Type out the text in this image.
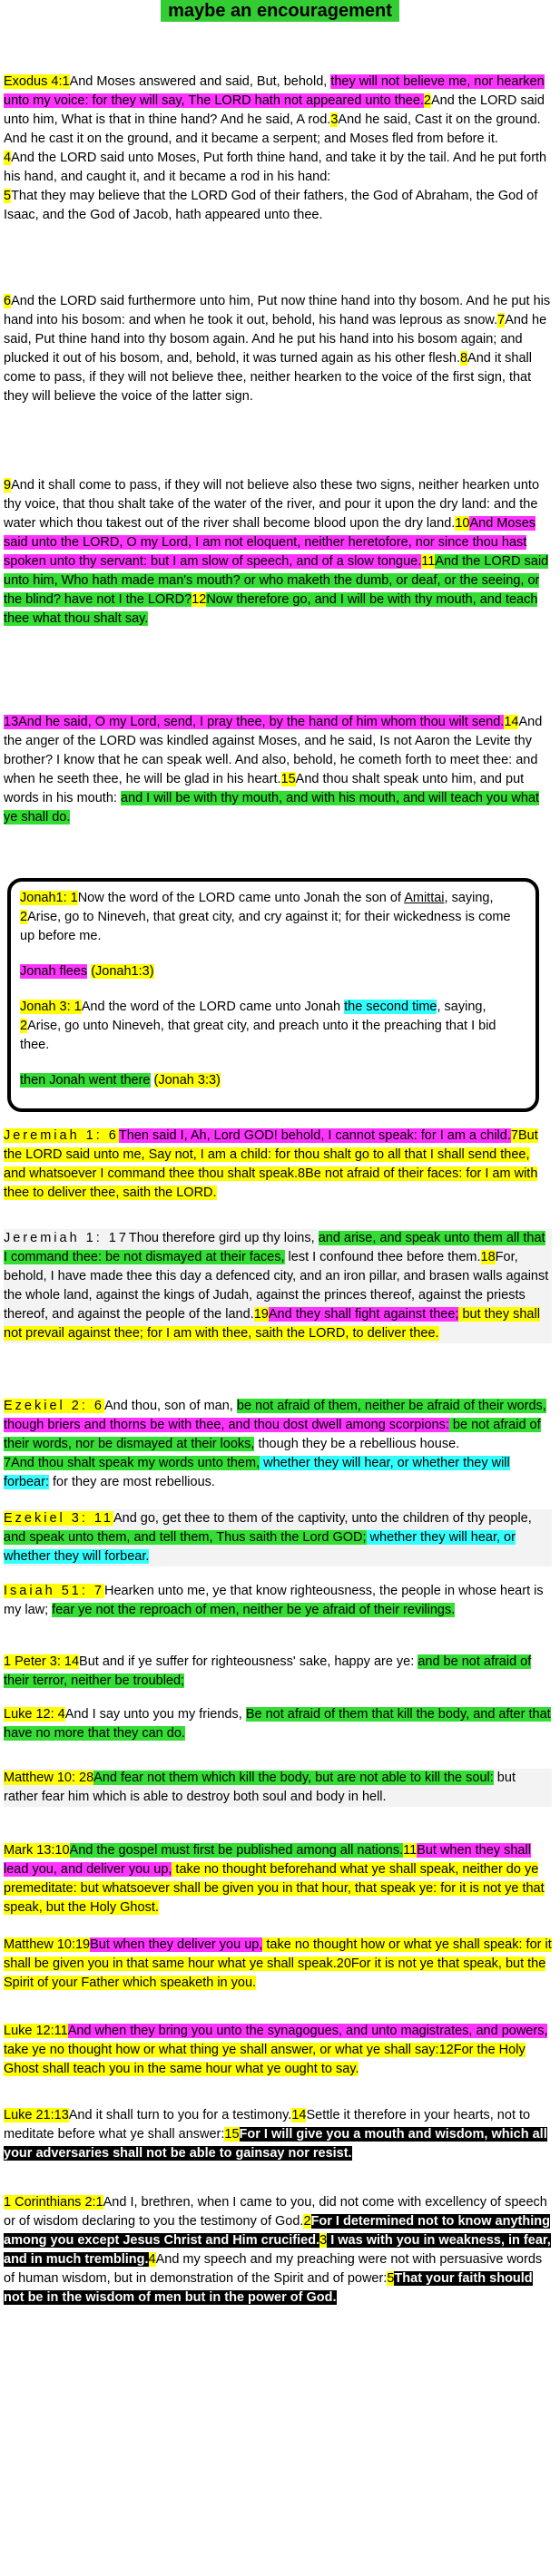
maybe an encouragement
Exodus 4:1And Moses answered and said, But, behold, they will not believe me, nor hearken unto my voice: for they will say, The LORD hath not appeared unto thee.2And the LORD said unto him, What is that in thine hand? And he said, A rod.3And he said, Cast it on the ground. And he cast it on the ground, and it became a serpent; and Moses fled from before it.
4And the LORD said unto Moses, Put forth thine hand, and take it by the tail. And he put forth his hand, and caught it, and it became a rod in his hand:
5That they may believe that the LORD God of their fathers, the God of Abraham, the God of Isaac, and the God of Jacob, hath appeared unto thee.
6And the LORD said furthermore unto him, Put now thine hand into thy bosom. And he put his hand into his bosom: and when he took it out, behold, his hand was leprous as snow.7And he said, Put thine hand into thy bosom again. And he put his hand into his bosom again; and plucked it out of his bosom, and, behold, it was turned again as his other flesh.8And it shall come to pass, if they will not believe thee, neither hearken to the voice of the first sign, that they will believe the voice of the latter sign.
9And it shall come to pass, if they will not believe also these two signs, neither hearken unto thy voice, that thou shalt take of the water of the river, and pour it upon the dry land: and the water which thou takest out of the river shall become blood upon the dry land.10And Moses said unto the LORD, O my Lord, I am not eloquent, neither heretofore, nor since thou hast spoken unto thy servant: but I am slow of speech, and of a slow tongue.11And the LORD said unto him, Who hath made man's mouth? or who maketh the dumb, or deaf, or the seeing, or the blind? have not I the LORD?12Now therefore go, and I will be with thy mouth, and teach thee what thou shalt say.
13And he said, O my Lord, send, I pray thee, by the hand of him whom thou wilt send.14And the anger of the LORD was kindled against Moses, and he said, Is not Aaron the Levite thy brother? I know that he can speak well. And also, behold, he cometh forth to meet thee: and when he seeth thee, he will be glad in his heart.15And thou shalt speak unto him, and put words in his mouth: and I will be with thy mouth, and with his mouth, and will teach you what ye shall do.

Jonah1: 1Now the word of the LORD came unto Jonah the son of Amittai, saying,
2Arise, go to Nineveh, that great city, and cry against it; for their wickedness is come up before me.

Jonah flees (Jonah1:3)

Jonah 3: 1And the word of the LORD came unto Jonah the second time, saying,
2Arise, go unto Nineveh, that great city, and preach unto it the preaching that I bid thee.

then Jonah went there (Jonah 3:3)

Jeremiah 1: 6Then said I, Ah, Lord GOD! behold, I cannot speak: for I am a child.7But the LORD said unto me, Say not, I am a child: for thou shalt go to all that I shall send thee, and whatsoever I command thee thou shalt speak.8Be not afraid of their faces: for I am with thee to deliver thee, saith the LORD.
Jeremiah 1: 17Thou therefore gird up thy loins, and arise, and speak unto them all that I command thee: be not dismayed at their faces, lest I confound thee before them.18For, behold, I have made thee this day a defenced city, and an iron pillar, and brasen walls against the whole land, against the kings of Judah, against the princes thereof, against the priests thereof, and against the people of the land.19And they shall fight against thee; but they shall not prevail against thee; for I am with thee, saith the LORD, to deliver thee.
Ezekiel 2: 6And thou, son of man, be not afraid of them, neither be afraid of their words, though briers and thorns be with thee, and thou dost dwell among scorpions: be not afraid of their words, nor be dismayed at their looks, though they be a rebellious house.
7And thou shalt speak my words unto them, whether they will hear, or whether they will forbear: for they are most rebellious.
Ezekiel 3: 11And go, get thee to them of the captivity, unto the children of thy people, and speak unto them, and tell them, Thus saith the Lord GOD; whether they will hear, or whether they will forbear.
Isaiah 51: 7Hearken unto me, ye that know righteousness, the people in whose heart is my law; fear ye not the reproach of men, neither be ye afraid of their revilings.
1 Peter 3: 14But and if ye suffer for righteousness' sake, happy are ye: and be not afraid of their terror, neither be troubled;
Luke 12: 4And I say unto you my friends, Be not afraid of them that kill the body, and after that have no more that they can do.
Matthew 10: 28And fear not them which kill the body, but are not able to kill the soul: but rather fear him which is able to destroy both soul and body in hell.
Mark 13:10And the gospel must first be published among all nations.11But when they shall lead you, and deliver you up, take no thought beforehand what ye shall speak, neither do ye premeditate: but whatsoever shall be given you in that hour, that speak ye: for it is not ye that speak, but the Holy Ghost.
Matthew 10:19But when they deliver you up, take no thought how or what ye shall speak: for it shall be given you in that same hour what ye shall speak.20For it is not ye that speak, but the Spirit of your Father which speaketh in you.
Luke 12:11And when they bring you unto the synagogues, and unto magistrates, and powers, take ye no thought how or what thing ye shall answer, or what ye shall say:12For the Holy Ghost shall teach you in the same hour what ye ought to say.
Luke 21:13And it shall turn to you for a testimony.14Settle it therefore in your hearts, not to meditate before what ye shall answer:15For I will give you a mouth and wisdom, which all your adversaries shall not be able to gainsay nor resist.
1 Corinthians 2:1And I, brethren, when I came to you, did not come with excellency of speech or of wisdom declaring to you the testimony of God.2For I determined not to know anything among you except Jesus Christ and Him crucified.3 I was with you in weakness, in fear, and in much trembling.4And my speech and my preaching were not with persuasive words of human wisdom, but in demonstration of the Spirit and of power:5That your faith should not be in the wisdom of men but in the power of God.
